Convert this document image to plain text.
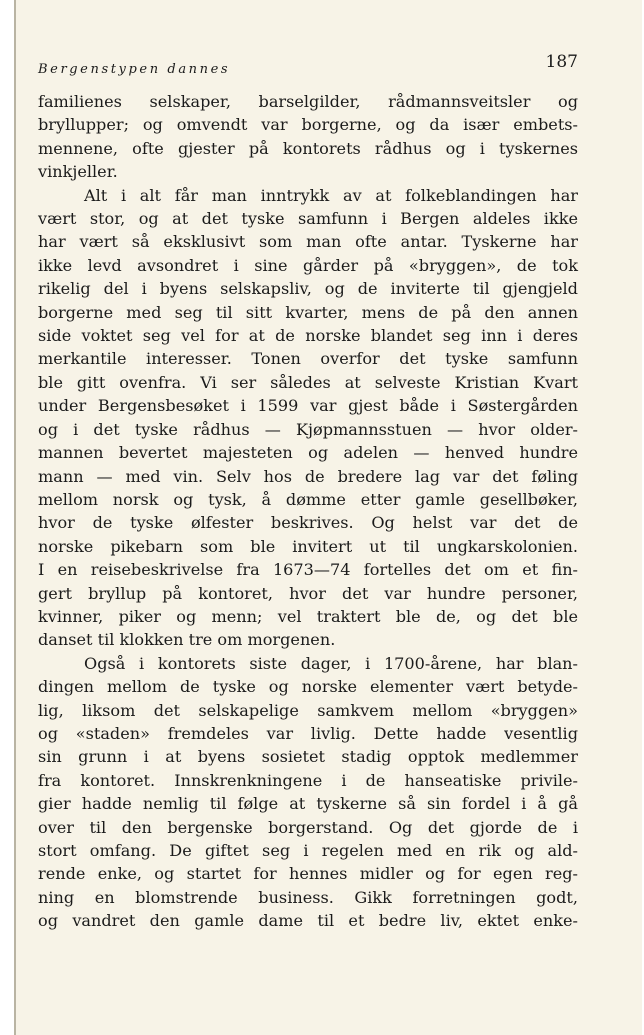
Bergenstypen dannes	187
familienes selskaper, barselgilder, rådmannsveitsler og
bryllupper; og omvendt var borgerne, og da især embets-
mennene, ofte gjester på kontorets rådhus og i tyskernes
vinkjeller.
Alt i alt får man inntrykk av at folkeblandingen har
vært stor, og at det tyske samfunn i Bergen aldeles ikke
har vært så eksklusivt som man ofte antar. Tyskerne har
ikke levd avsondret i sine gårder på «bryggen», de tok
rikelig del i byens selskapsliv, og de inviterte til gjengjeld
borgerne med seg til sitt kvarter, mens de på den annen
side voktet seg vel for at de norske blandet seg inn i deres
merkantile interesser. Tonen overfor det tyske samfunn
ble gitt ovenfra. Vi ser således at selveste Kristian Kvart
under Bergensbesøket i 1599 var gjest både i Søstergården
og i det tyske rådhus — Kjøpmannsstuen — hvor older-
mannen bevertet majesteten og adelen — henved hundre
mann — med vin. Selv hos de bredere lag var det føling
mellom norsk og tysk, å dømme etter gamle gesellbøker,
hvor de tyske ølfester beskrives. Og helst var det de
norske pikebarn som ble invitert ut til ungkarskolonien.
I en reisebeskrivelse fra 1673—74 fortelles det om et fin-
gert bryllup på kontoret, hvor det var hundre personer,
kvinner, piker og menn; vel traktert ble de, og det ble
danset til klokken tre om morgenen.
Også i kontorets siste dager, i 1700-årene, har blan-
dingen mellom de tyske og norske elementer vært betyde-
lig, liksom det selskapelige samkvem mellom «bryggen»
og «staden» fremdeles var livlig. Dette hadde vesentlig
sin grunn i at byens sosietet stadig opptok medlemmer
fra kontoret. Innskrenkningene i de hanseatiske privile-
gier hadde nemlig til følge at tyskerne så sin fordel i å gå
over til den bergenske borgerstand. Og det gjorde de i
stort omfang. De giftet seg i regelen med en rik og ald-
rende enke, og startet for hennes midler og for egen reg-
ning en blomstrende business. Gikk forretningen godt,
og vandret den gamle dame til et bedre liv, ektet enke-
